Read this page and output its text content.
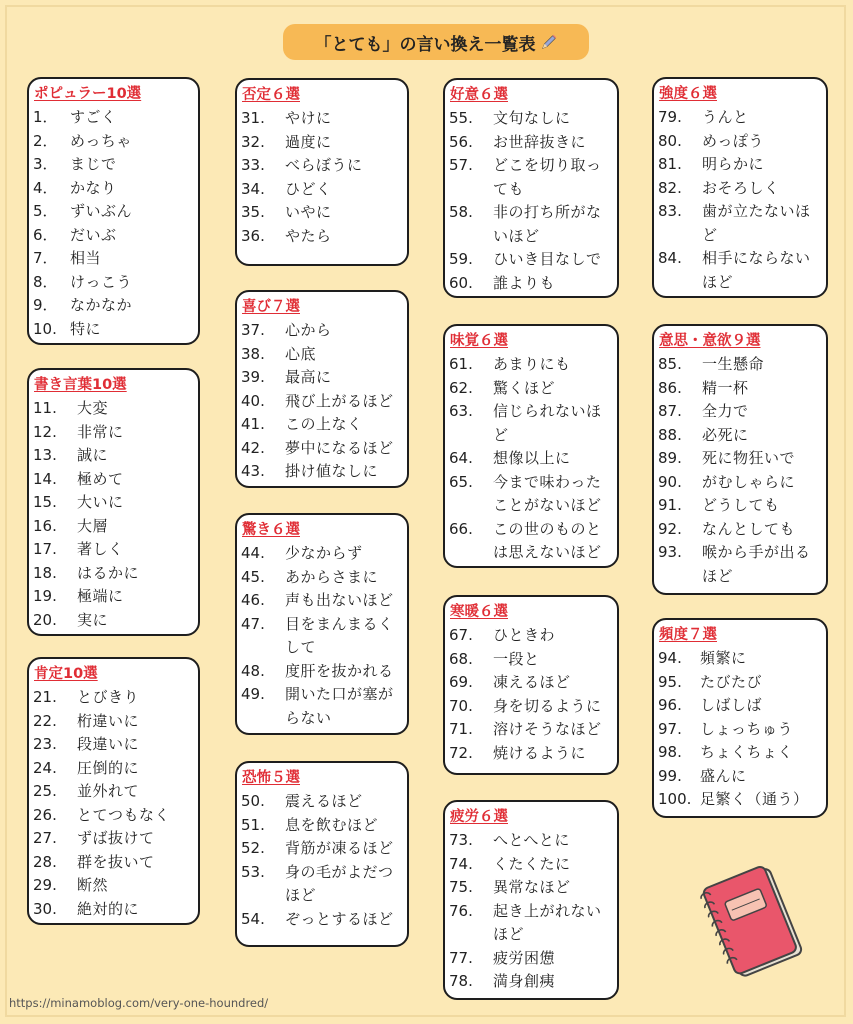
「とても」の言い換え一覧表
ポピュラー10選
1． すごく
2． めっちゃ
3． まじで
4． かなり
5． ずいぶん
6． だいぶ
7． 相当
8． けっこう
9． なかなか
10. 特に
書き言葉10選
11.	大変
12.	非常に
13.	誠に
14.	極めて
15.	大いに
16.	大層
17.	著しく
18.	はるかに
19.	極端に
20.	実に
肯定10選
21.	とびきり
22.	桁違いに
23.	段違いに
24.	圧倒的に
25.	並外れて
26.	とてつもなく
27.	ずば抜けて
28.	群を抜いて
29.	断然
30.	絶対的に
否定６選
31.	やけに
32.	過度に
33.	べらぼうに
34.	ひどく
35.	いやに
36.	やたら
喜び７選
37.	心から
38.	心底
39.	最高に
40.	飛び上がるほど
41.	この上なく
42.	夢中になるほど
43.	掛け値なしに
驚き６選
44.	少なからず
45.	あからさまに
46.	声も出ないほど
47.	目をまんまるくして
48.	度肝を抜かれる
49.	開いた口が塞がらない
恐怖５選
50.	震えるほど
51.	息を飲むほど
52.	背筋が凍るほど
53.	身の毛がよだつほど
54.	ぞっとするほど
好意６選
55.	文句なしに
56.	お世辞抜きに
57.	どこを切り取っても
58.	非の打ち所がないほど
59.	ひいき目なしで
60.	誰よりも
味覚６選
61.	あまりにも
62.	驚くほど
63.	信じられないほど
64.	想像以上に
65.	今まで味わったことがないほど
66.	この世のものとは思えないほど
寒暖６選
67.	ひときわ
68.	一段と
69.	凍えるほど
70.	身を切るように
71.	溶けそうなほど
72.	焼けるように
疲労６選
73.	へとへとに
74.	くたくたに
75.	異常なほど
76.	起き上がれないほど
77.	疲労困憊
78.	満身創痍
強度６選
79.	うんと
80.	めっぽう
81.	明らかに
82.	おそろしく
83.	歯が立たないほど
84.	相手にならないほど
意思・意欲９選
85.	一生懸命
86.	精一杯
87.	全力で
88.	必死に
89.	死に物狂いで
90.	がむしゃらに
91.	どうしても
92.	なんとしても
93.	喉から手が出るほど
頻度７選
94.	頻繁に
95.	たびたび
96.	しばしば
97.	しょっちゅう
98.	ちょくちょく
99.	盛んに
100. 足繁く（通う）
https://minamoblog.com/very-one-houndred/
